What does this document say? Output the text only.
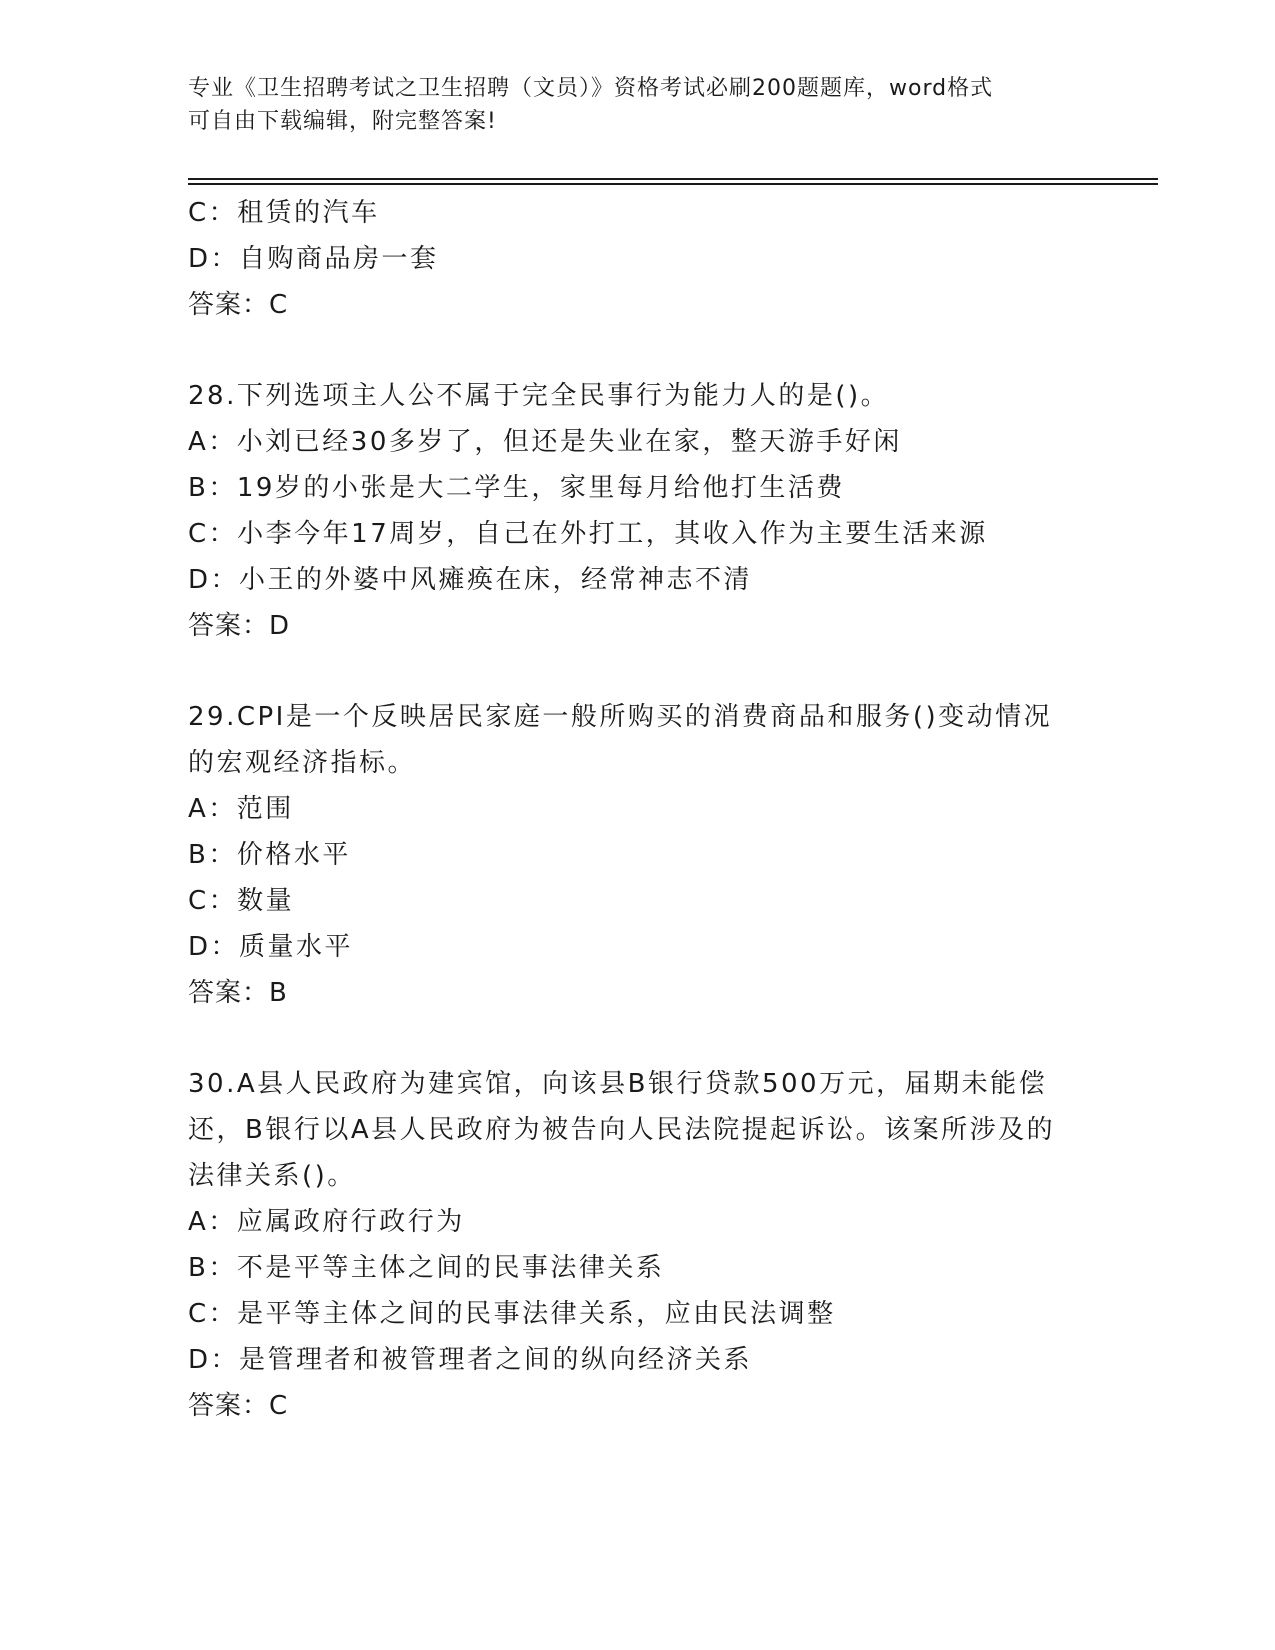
专业《卫生招聘考试之卫生招聘（文员）》资格考试必刷200题题库，word格式
可自由下载编辑，附完整答案!
C：租赁的汽车
D：自购商品房一套
答案：C
28.下列选项主人公不属于完全民事行为能力人的是()。
A：小刘已经30多岁了，但还是失业在家，整天游手好闲
B：19岁的小张是大二学生，家里每月给他打生活费
C：小李今年17周岁，自己在外打工，其收入作为主要生活来源
D：小王的外婆中风瘫痪在床，经常神志不清
答案：D
29.CPI是一个反映居民家庭一般所购买的消费商品和服务()变动情况
的宏观经济指标。
A：范围
B：价格水平
C：数量
D：质量水平
答案：B
30.A县人民政府为建宾馆，向该县B银行贷款500万元，届期未能偿
还，B银行以A县人民政府为被告向人民法院提起诉讼。该案所涉及的
法律关系()。
A：应属政府行政行为
B：不是平等主体之间的民事法律关系
C：是平等主体之间的民事法律关系，应由民法调整
D：是管理者和被管理者之间的纵向经济关系
答案：C
